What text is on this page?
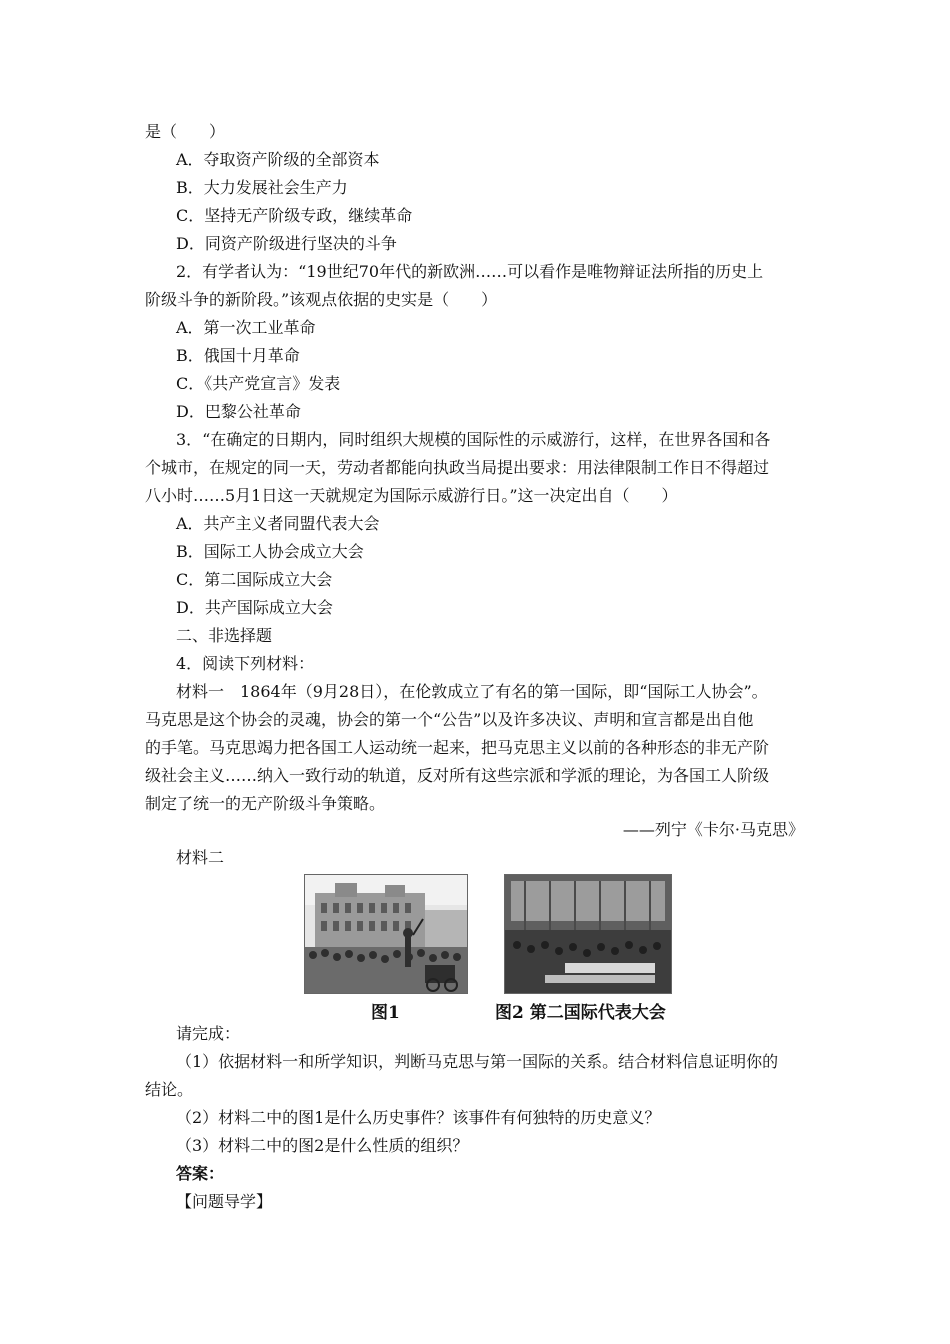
是（　　）
A．夺取资产阶级的全部资本
B．大力发展社会生产力
C．坚持无产阶级专政，继续革命
D．同资产阶级进行坚决的斗争
2．有学者认为：“19世纪70年代的新欧洲……可以看作是唯物辩证法所指的历史上
阶级斗争的新阶段。”该观点依据的史实是（　　）
A．第一次工业革命
B．俄国十月革命
C．《共产党宣言》发表
D．巴黎公社革命
3．“在确定的日期内，同时组织大规模的国际性的示威游行，这样，在世界各国和各
个城市，在规定的同一天，劳动者都能向执政当局提出要求：用法律限制工作日不得超过
八小时……5月1日这一天就规定为国际示威游行日。”这一决定出自（　　）
A．共产主义者同盟代表大会
B．国际工人协会成立大会
C．第二国际成立大会
D．共产国际成立大会
二、非选择题
4．阅读下列材料：
材料一　1864年（9月28日），在伦敦成立了有名的第一国际，即“国际工人协会”。
马克思是这个协会的灵魂，协会的第一个“公告”以及许多决议、声明和宣言都是出自他
的手笔。马克思竭力把各国工人运动统一起来，把马克思主义以前的各种形态的非无产阶
级社会主义……纳入一致行动的轨道，反对所有这些宗派和学派的理论，为各国工人阶级
制定了统一的无产阶级斗争策略。
——列宁《卡尔·马克思》
材料二
图1	图2 第二国际代表大会
请完成：
（1）依据材料一和所学知识，判断马克思与第一国际的关系。结合材料信息证明你的
结论。
（2）材料二中的图1是什么历史事件？该事件有何独特的历史意义？
（3）材料二中的图2是什么性质的组织？
答案：
【问题导学】
